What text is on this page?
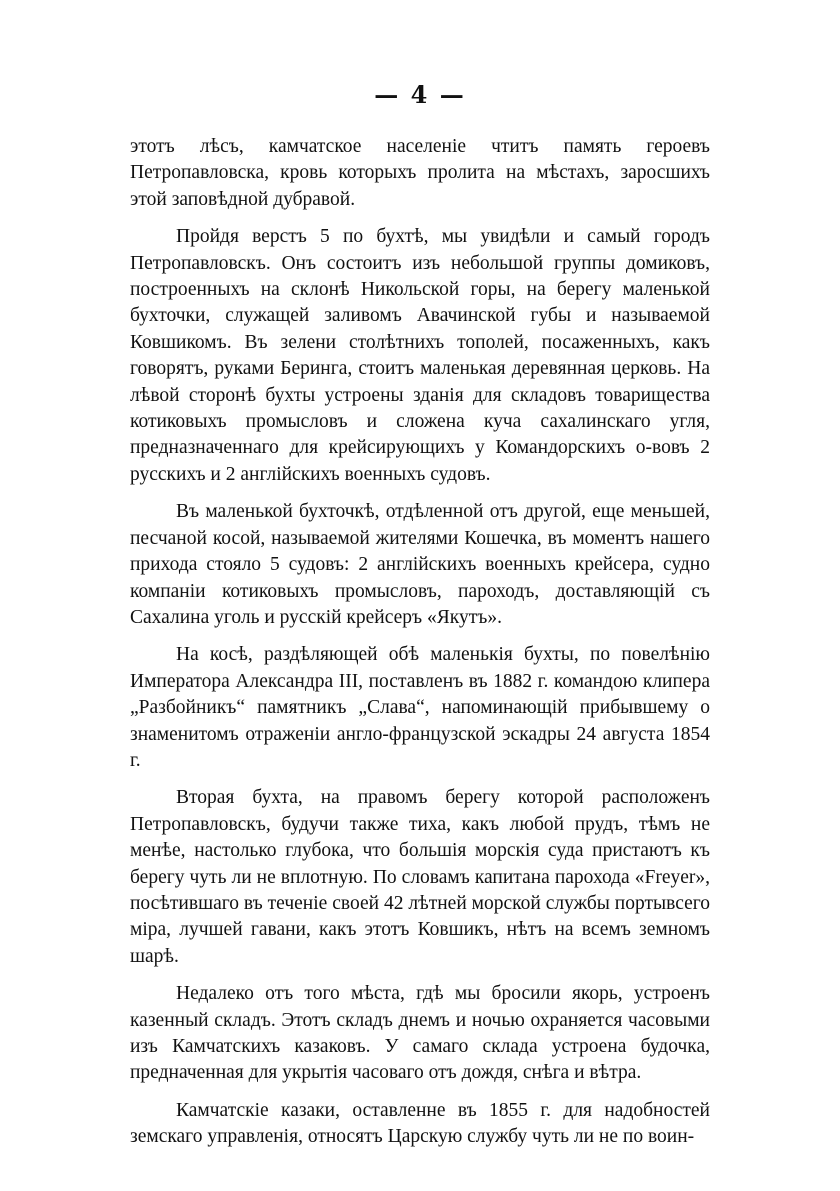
— 4 —

этотъ лѣсъ, камчатское населеніе чтитъ память героевъ Петропавловска, кровь которыхъ пролита на мѣстахъ, заросшихъ этой заповѣдной дубравой.

Пройдя верстъ 5 по бухтѣ, мы увидѣли и самый городъ Петропавловскъ. Онъ состоитъ изъ небольшой группы домиковъ, построенныхъ на склонѣ Никольской горы, на берегу маленькой бухточки, служащей заливомъ Авачинской губы и называемой Ковшикомъ. Въ зелени столѣтнихъ тополей, посаженныхъ, какъ говорятъ, руками Беринга, стоитъ маленькая деревянная церковь. На лѣвой сторонѣ бухты устроены зданія для складовъ товарищества котиковыхъ промысловъ и сложена куча сахалинскаго угля, предназначеннаго для крейсирующихъ у Командорскихъ о-вовъ 2 русскихъ и 2 англійскихъ военныхъ судовъ.

Въ маленькой бухточкѣ, отдѣленной отъ другой, еще меньшей, песчаной косой, называемой жителями Кошечка, въ моментъ нашего прихода стояло 5 судовъ: 2 англійскихъ военныхъ крейсера, судно компаніи котиковыхъ промысловъ, пароходъ, доставляющій съ Сахалина уголь и русскій крейсеръ «Якутъ».

На косѣ, раздѣляющей обѣ маленькія бухты, по повелѣнію Императора Александра III, поставленъ въ 1882 г. командою клипера „Разбойникъ“ памятникъ „Слава“, напоминающій прибывшему о знаменитомъ отраженіи англо-французской эскадры 24 августа 1854 г.

Вторая бухта, на правомъ берегу которой расположенъ Петропавловскъ, будучи также тиха, какъ любой прудъ, тѣмъ не менѣе, настолько глубока, что большія морскія суда пристаютъ къ берегу чуть ли не вплотную. По словамъ капитана парохода «Freyer», посѣтившаго въ теченіе своей 42 лѣтней морской службы портывсего міра, лучшей гавани, какъ этотъ Ковшикъ, нѣтъ на всемъ земномъ шарѣ.

Недалеко отъ того мѣста, гдѣ мы бросили якорь, устроенъ казенный складъ. Этотъ складъ днемъ и ночью охраняется часовыми изъ Камчатскихъ казаковъ. У самаго склада устроена будочка, предначенная для укрытія часоваго отъ дождя, снѣга и вѣтра.

Камчатскіе казаки, оставленне въ 1855 г. для надобностей земскаго управленія, относятъ Царскую службу чуть ли не по воин-
